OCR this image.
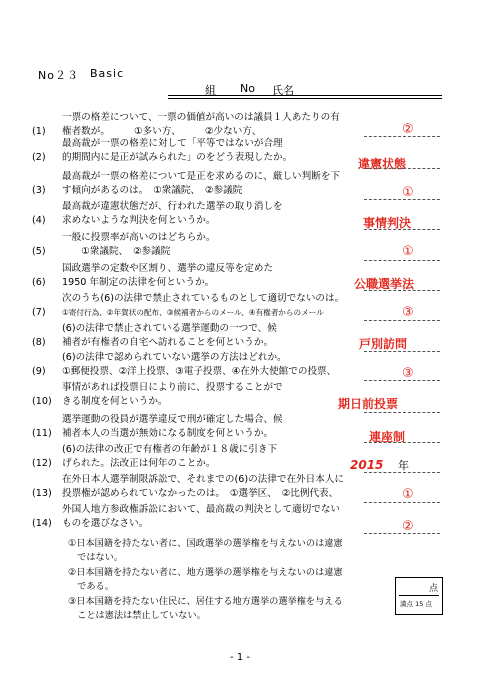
No２３ Basic
組 No 氏名
(1)
一票の格差について、一票の価値が高いのは議員１人あたりの有
権者数が。　　　①多い方、　　　②少ない方、	②
(2)
最高裁が一票の格差に対して「平等ではないが合理
的期間内に是正が試みられた」のをどう表現したか。	違憲状態
(3)
最高裁が一票の格差について是正を求めるのに、厳しい判断を下
す傾向があるのは。　①衆議院、　②参議院	①
(4)
最高裁が違憲状態だが、行われた選挙の取り消しを
求めないような判決を何というか。	事情判決
(5)
一般に投票率が高いのはどちらか。
　　①衆議院、　②参議院	①
(6)
国政選挙の定数や区割り、選挙の違反等を定めた
1950 年制定の法律を何というか。	公職選挙法
(7)
次のうち(6)の法律で禁止されているものとして適切でないのは。
①寄付行為、②年賀状の配布、③候補者からのメール、④有権者からのメール	③
(8)
(6)の法律で禁止されている選挙運動の一つで、候
補者が有権者の自宅へ訪れることを何というか。	戸別訪問
(9)
(6)の法律で認められていない選挙の方法はどれか。
①郵便投票、②洋上投票、③電子投票、④在外大使館での投票、	③
(10)
事情があれば投票日により前に、投票することがで
きる制度を何というか。	期日前投票
(11)
選挙運動の役員が選挙違反で刑が確定した場合、候
補者本人の当選が無効になる制度を何というか。	連座制
(12)
(6)の法律の改正で有権者の年齢が１８歳に引き下
げられた。法改正は何年のことか。	2015 年
(13)
在外日本人選挙制限訴訟で、それまでの(6)の法律で在外日本人に
投票権が認められていなかったのは。　①選挙区、　②比例代表、	①
(14)
外国人地方参政権訴訟において、最高裁の判決として適切でない
ものを選びなさい。	②
①日本国籍を持たない者に、国政選挙の選挙権を与えないのは違憲
　ではない。
②日本国籍を持たない者に、地方選挙の選挙権を与えないのは違憲
　である。
③日本国籍を持たない住民に、居住する地方選挙の選挙権を与える
　ことは憲法は禁止していない。
点
満点 15 点
- 1 -
